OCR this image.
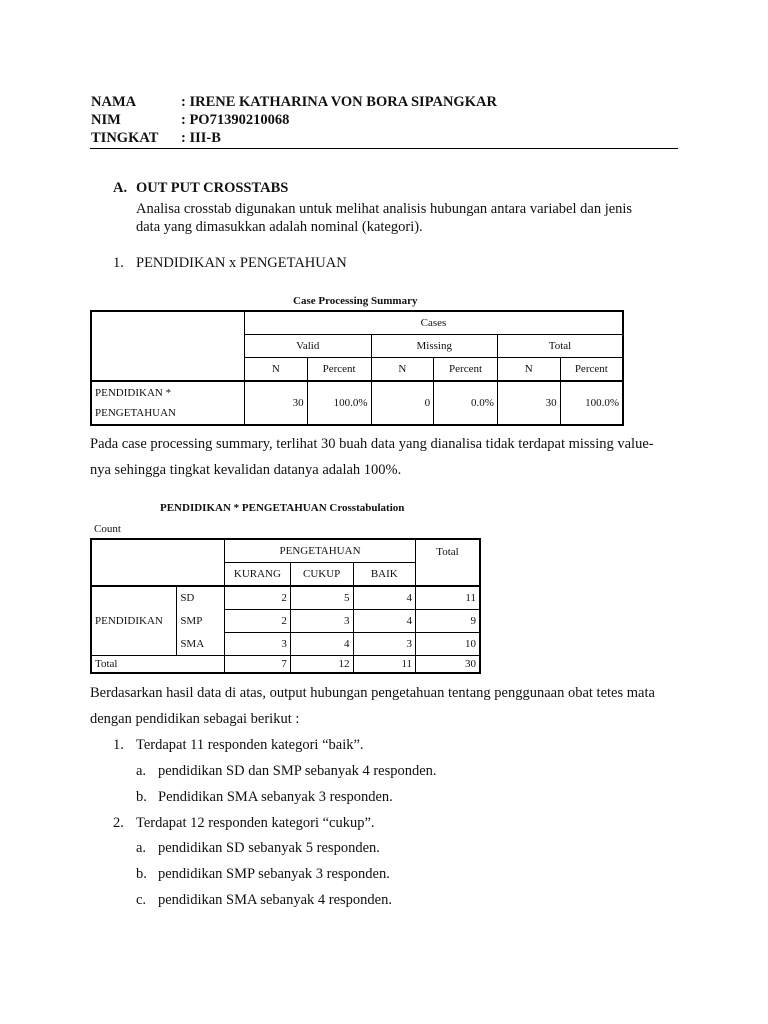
NAMA	: IRENE KATHARINA VON BORA SIPANGKAR
NIM	: PO71390210068
TINGKAT : III-B
A. OUT PUT CROSSTABS
Analisa crosstab digunakan untuk melihat analisis hubungan antara variabel dan jenis
data yang dimasukkan adalah nominal (kategori).
1. PENDIDIKAN x PENGETAHUAN
Case Processing Summary
	Cases					
	Valid		Missing		Total	
	N	Percent	N	Percent	N	Percent

PENDIDIKAN *
PENGETAHUAN	30	100.0%	0	0.0%	30	100.0%
Pada case processing summary, terlihat 30 buah data yang dianalisa tidak terdapat missing value-
nya sehingga tingkat kevalidan datanya adalah 100%.
PENDIDIKAN * PENGETAHUAN Crosstabulation
Count
		PENGETAHUAN			Total
		KURANG	CUKUP	BAIK	
PENDIDIKAN	SD	2	5	4	11
	SMP	2	3	4	9
	SMA	3	4	3	10
Total		7	12	11	30
Berdasarkan hasil data di atas, output hubungan pengetahuan tentang penggunaan obat tetes mata
dengan pendidikan sebagai berikut :
1. Terdapat 11 responden kategori “baik”.
a. pendidikan SD dan SMP sebanyak 4 responden.
b. Pendidikan SMA sebanyak 3 responden.
2. Terdapat 12 responden kategori “cukup”.
a. pendidikan SD sebanyak 5 responden.
b. pendidikan SMP sebanyak 3 responden.
c. pendidikan SMA sebanyak 4 responden.
